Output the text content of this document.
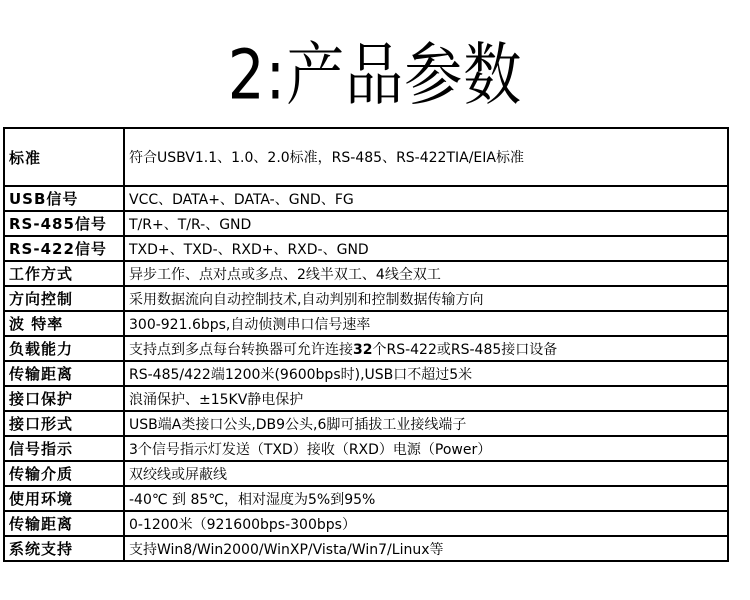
2:产品参数
标准	符合USBV1.1、1.0、2.0标准，RS-485、RS-422TIA/EIA标准
USB信号	VCC、DATA+、DATA-、GND、FG
RS-485信号	T/R+、T/R-、GND
RS-422信号	TXD+、TXD-、RXD+、RXD-、GND
工作方式	异步工作、点对点或多点、2线半双工、4线全双工
方向控制	采用数据流向自动控制技术,自动判别和控制数据传输方向
波 特率	300-921.6bps,自动侦测串口信号速率
负载能力	支持点到多点每台转换器可允许连接32个RS-422或RS-485接口设备
传输距离	RS-485/422端1200米(9600bps时),USB口不超过5米
接口保护	浪涌保护、±15KV静电保护
接口形式	USB端A类接口公头,DB9公头,6脚可插拔工业接线端子
信号指示	3个信号指示灯发送（TXD）接收（RXD）电源（Power）
传输介质	双绞线或屏蔽线
使用环境	-40℃ 到 85℃，相对湿度为5%到95%
传输距离	0-1200米（921600bps-300bps）
系统支持	支持Win8/Win2000/WinXP/Vista/Win7/Linux等
